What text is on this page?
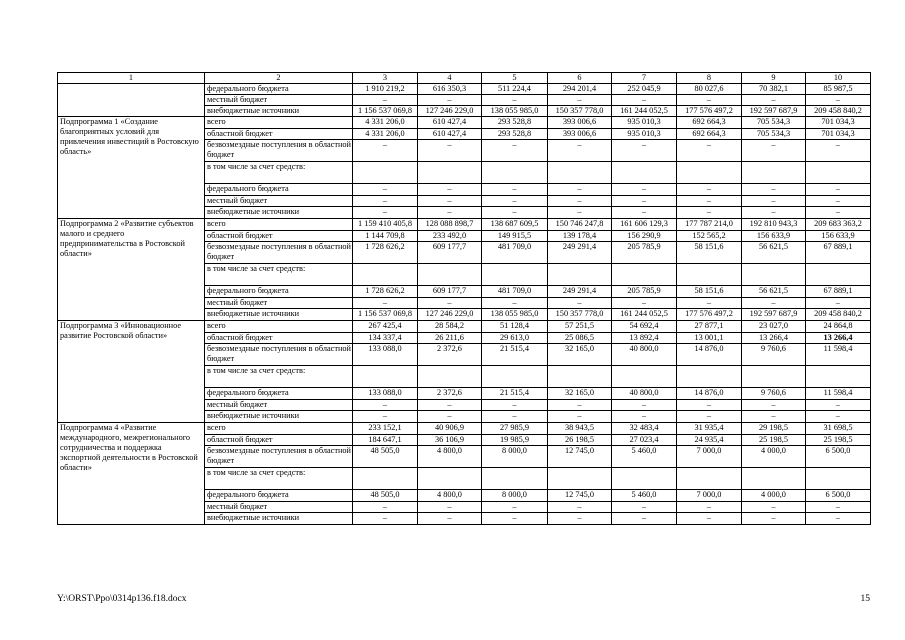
1	2	3	4	5	6	7	8	9	10
	федерального бюджета	1 910 219,2	616 350,3	511 224,4	294 201,4	252 045,9	80 027,6	70 382,1	85 987,5
	местный бюджет	–	–	–	–	–	–	–	–
	внебюджетные источники	1 156 537 069,8	127 246 229,0	138 055 985,0	150 357 778,0	161 244 052,5	177 576 497,2	192 597 687,9	209 458 840,2
Подпрограмма 1 «Создание благоприятных условий для привлечения инвестиций в Ростовскую область»	всего	4 331 206,0	610 427,4	293 528,8	393 006,6	935 010,3	692 664,3	705 534,3	701 034,3
	областной бюджет	4 331 206,0	610 427,4	293 528,8	393 006,6	935 010,3	692 664,3	705 534,3	701 034,3
	безвозмездные поступления в областной бюджет	–	–	–	–	–	–	–	–
	в том числе за счет средств:								
	федерального бюджета	–	–	–	–	–	–	–	–
	местный бюджет	–	–	–	–	–	–	–	–
	внебюджетные источники	–	–	–	–	–	–	–	–
Подпрограмма 2 «Развитие субъектов малого и среднего предпринимательства в Ростовской области»	всего	1 159 410 405,8	128 088 898,7	138 687 609,5	150 746 247,8	161 606 129,3	177 787 214,0	192 810 943,3	209 683 363,2
	областной бюджет	1 144 709,8	233 492,0	149 915,5	139 178,4	156 290,9	152 565,2	156 633,9	156 633,9
	безвозмездные поступления в областной бюджет	1 728 626,2	609 177,7	481 709,0	249 291,4	205 785,9	58 151,6	56 621,5	67 889,1
	в том числе за счет средств:								
	федерального бюджета	1 728 626,2	609 177,7	481 709,0	249 291,4	205 785,9	58 151,6	56 621,5	67 889,1
	местный бюджет	–	–	–	–	–	–	–	–
	внебюджетные источники	1 156 537 069,8	127 246 229,0	138 055 985,0	150 357 778,0	161 244 052,5	177 576 497,2	192 597 687,9	209 458 840,2
Подпрограмма 3 «Инновационное развитие Ростовской области»	всего	267 425,4	28 584,2	51 128,4	57 251,5	54 692,4	27 877,1	23 027,0	24 864,8
	областной бюджет	134 337,4	26 211,6	29 613,0	25 086,5	13 892,4	13 001,1	13 266,4	13 266,4
	безвозмездные поступления в областной бюджет	133 088,0	2 372,6	21 515,4	32 165,0	40 800,0	14 876,0	9 760,6	11 598,4
	в том числе за счет средств:								
	федерального бюджета	133 088,0	2 372,6	21 515,4	32 165,0	40 800,0	14 876,0	9 760,6	11 598,4
	местный бюджет	–	–	–	–	–	–	–	–
	внебюджетные источники	–	–	–	–	–	–	–	–
Подпрограмма 4 «Развитие международного, межрегионального сотрудничества и поддержка экспортной деятельности в Ростовской области»	всего	233 152,1	40 906,9	27 985,9	38 943,5	32 483,4	31 935,4	29 198,5	31 698,5
	областной бюджет	184 647,1	36 106,9	19 985,9	26 198,5	27 023,4	24 935,4	25 198,5	25 198,5
	безвозмездные поступления в областной бюджет	48 505,0	4 800,0	8 000,0	12 745,0	5 460,0	7 000,0	4 000,0	6 500,0
	в том числе за счет средств:								
	федерального бюджета	48 505,0	4 800,0	8 000,0	12 745,0	5 460,0	7 000,0	4 000,0	6 500,0
	местный бюджет	–	–	–	–	–	–	–	–
	внебюджетные источники	–	–	–	–	–	–	–	–
Y:\ORST\Ppo\0314p136.f18.docx	15
